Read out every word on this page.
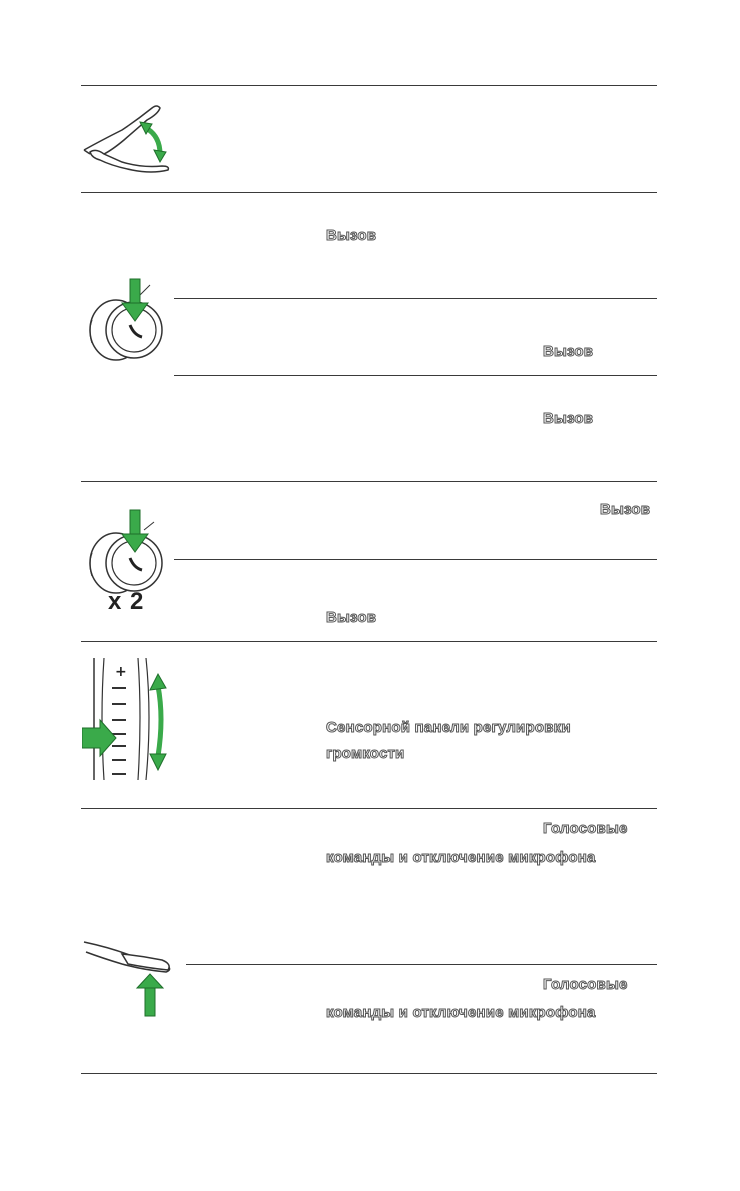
x 2
+
Вызов
Вызов
Вызов
Вызов
Вызов
Сенсорной панели регулировки
громкости
Голосовые
команды и отключение микрофона
Голосовые
команды и отключение микрофона
